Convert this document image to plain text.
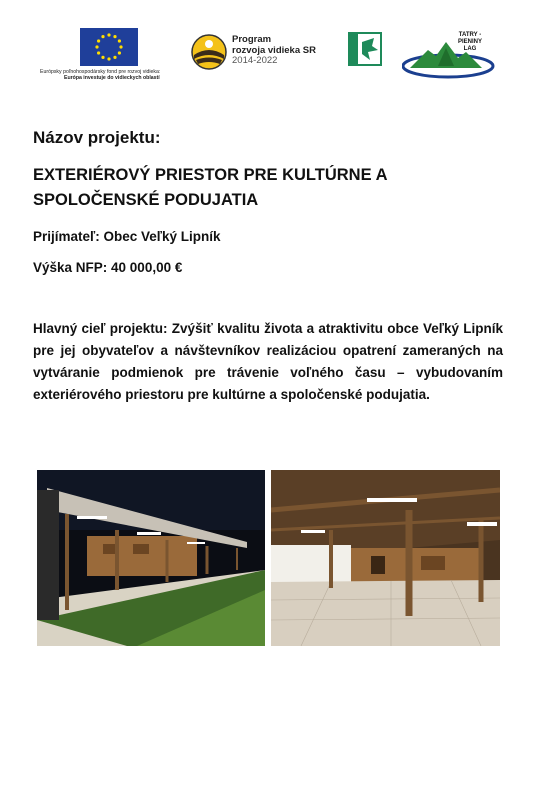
Európsky poľnohospodársky fond pre rozvoj vidieka:
Európa investuje do vidieckych oblastí
Program
rozvoja vidieka SR
2014-2022
LEADER
TATRY -
PIENINY
LAG
Názov projektu:
EXTERIÉROVÝ PRIESTOR PRE KULTÚRNE A
SPOLOČENSKÉ PODUJATIA
Prijímateľ: Obec Veľký Lipník
Výška NFP: 40 000,00 €
Hlavný cieľ projektu: Zvýšiť kvalitu života a atraktivitu obce Veľký Lipník pre jej obyvateľov a návštevníkov realizáciou opatrení zameraných na vytváranie podmienok pre trávenie voľného času – vybudovaním exteriérového priestoru pre kultúrne a spoločenské podujatia.
